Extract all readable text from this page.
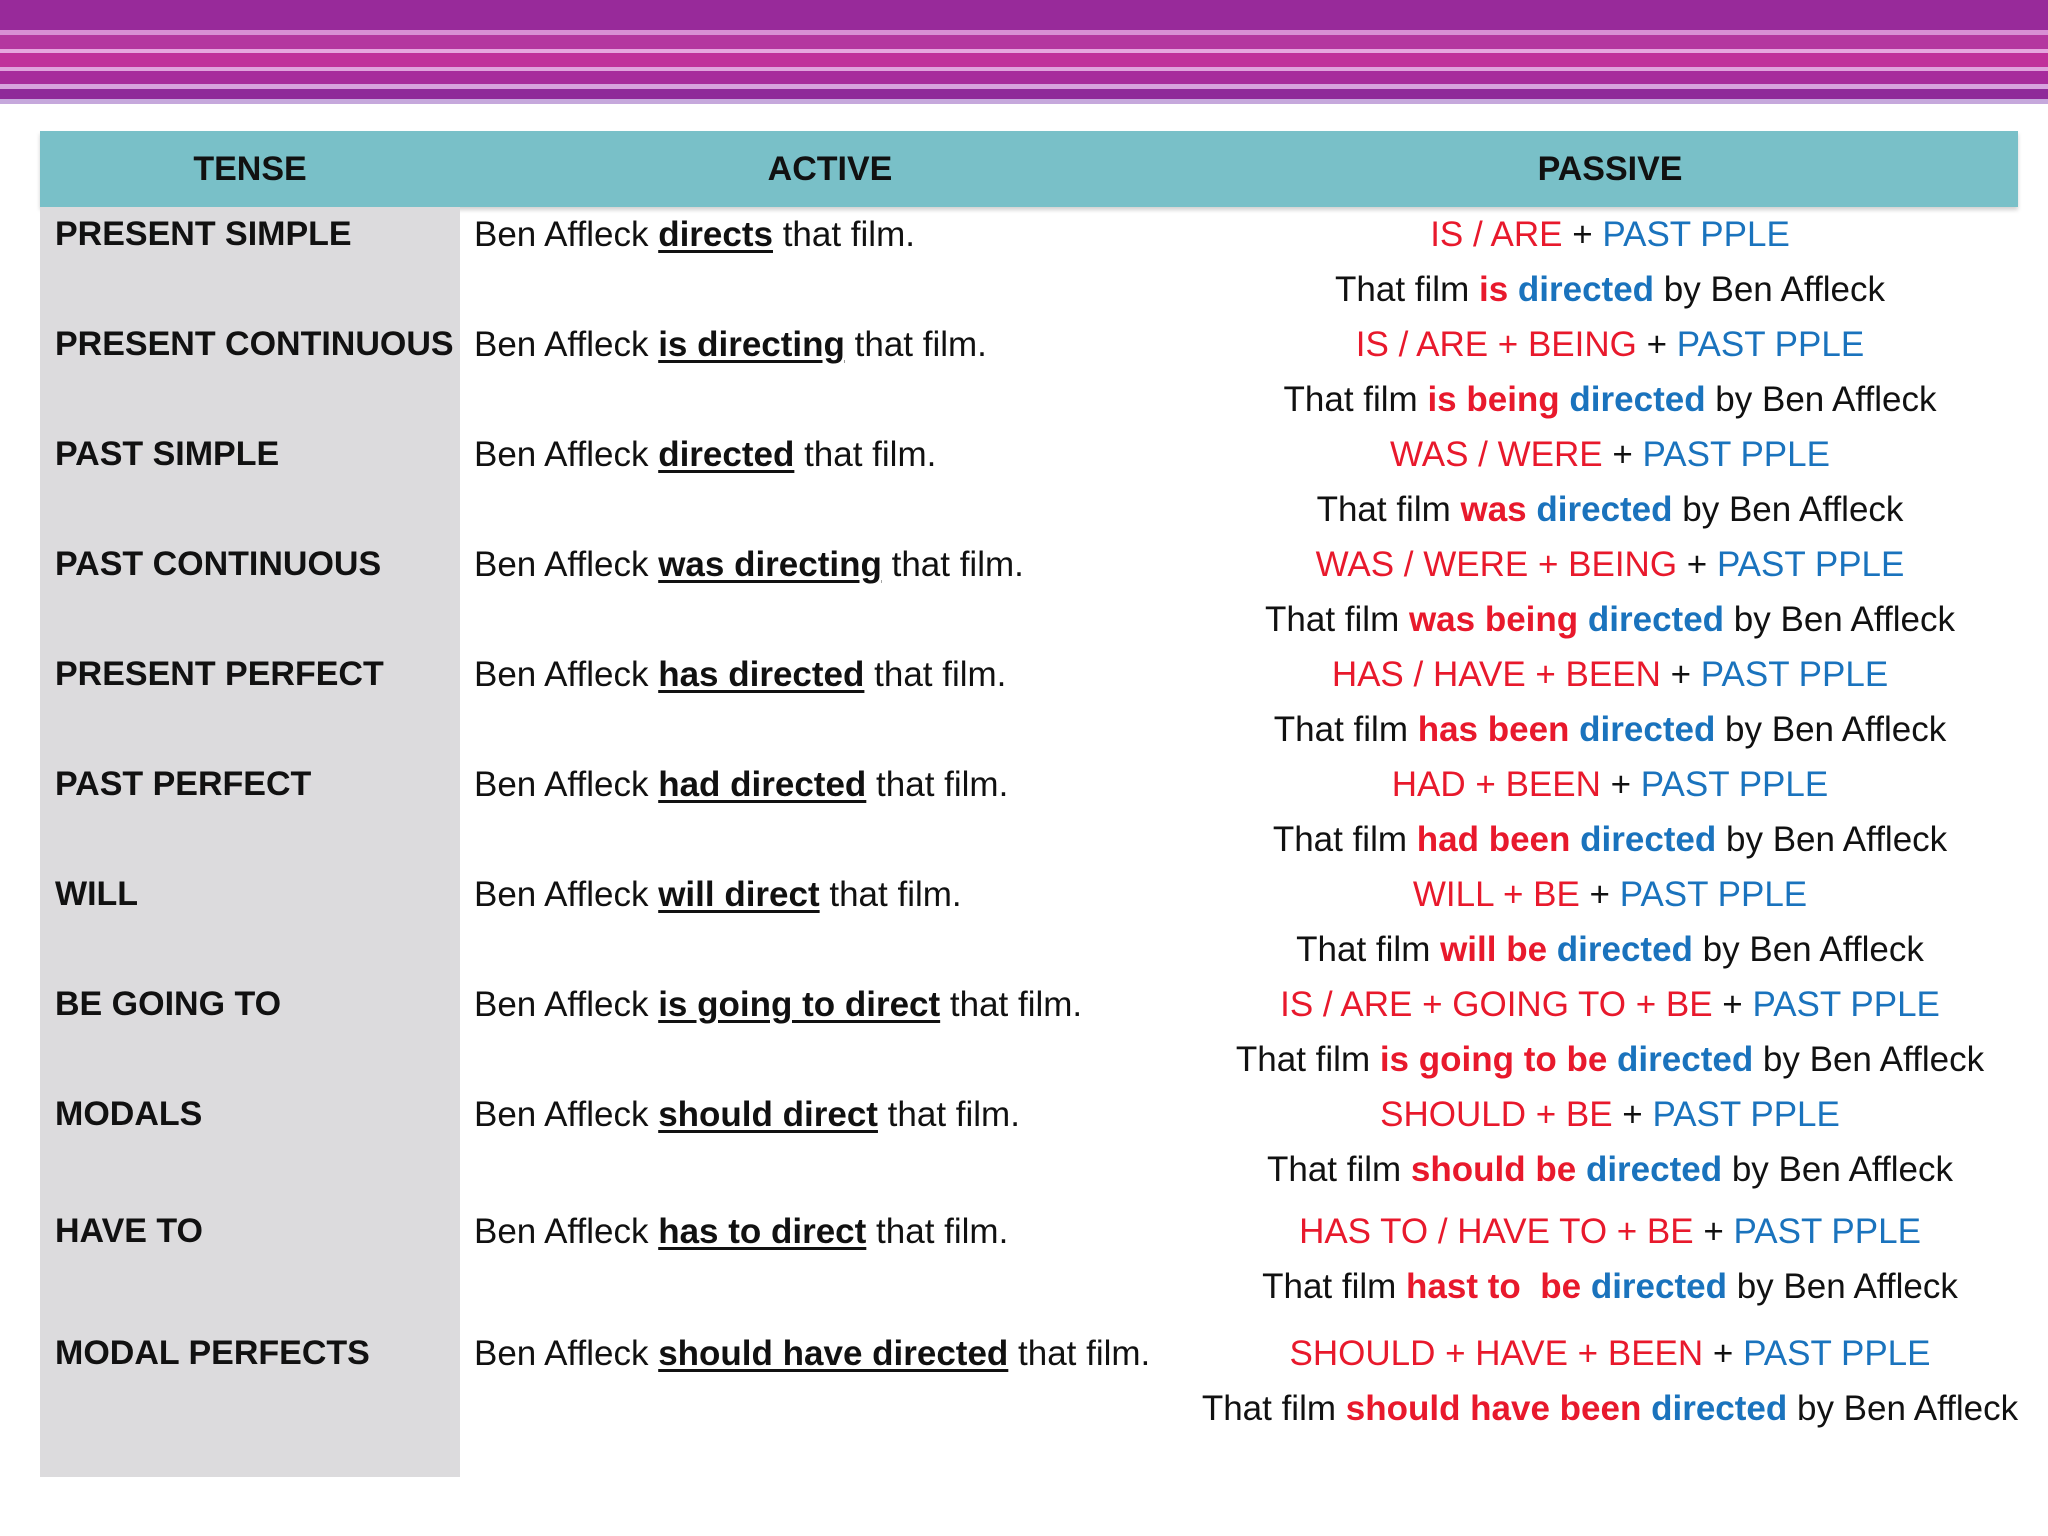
TENSE	ACTIVE	PASSIVE
PRESENT SIMPLE	Ben Affleck directs that film.	IS / ARE + PAST PPLE
That film is directed by Ben Affleck
PRESENT CONTINUOUS Ben Affleck is directing that film.	IS / ARE + BEING + PAST PPLE
That film is being directed by Ben Affleck
PAST SIMPLE	Ben Affleck directed that film.	WAS / WERE + PAST PPLE
That film was directed by Ben Affleck
PAST CONTINUOUS	Ben Affleck was directing that film.	WAS / WERE + BEING + PAST PPLE
That film was being directed by Ben Affleck
PRESENT PERFECT	Ben Affleck has directed that film.	HAS / HAVE + BEEN + PAST PPLE
That film has been directed by Ben Affleck
PAST PERFECT	Ben Affleck had directed that film.	HAD + BEEN + PAST PPLE
That film had been directed by Ben Affleck
WILL	Ben Affleck will direct that film.	WILL + BE + PAST PPLE
That film will be directed by Ben Affleck
BE GOING TO	Ben Affleck is going to direct that film.	IS / ARE + GOING TO + BE + PAST PPLE
That film is going to be directed by Ben Affleck
MODALS	Ben Affleck should direct that film.	SHOULD + BE + PAST PPLE
That film should be directed by Ben Affleck
HAVE TO	Ben Affleck has to direct that film.	HAS TO / HAVE TO + BE + PAST PPLE
That film hast to  be directed by Ben Affleck
MODAL PERFECTS	Ben Affleck should have directed that film.	SHOULD + HAVE + BEEN + PAST PPLE
That film should have been directed by Ben Affleck
